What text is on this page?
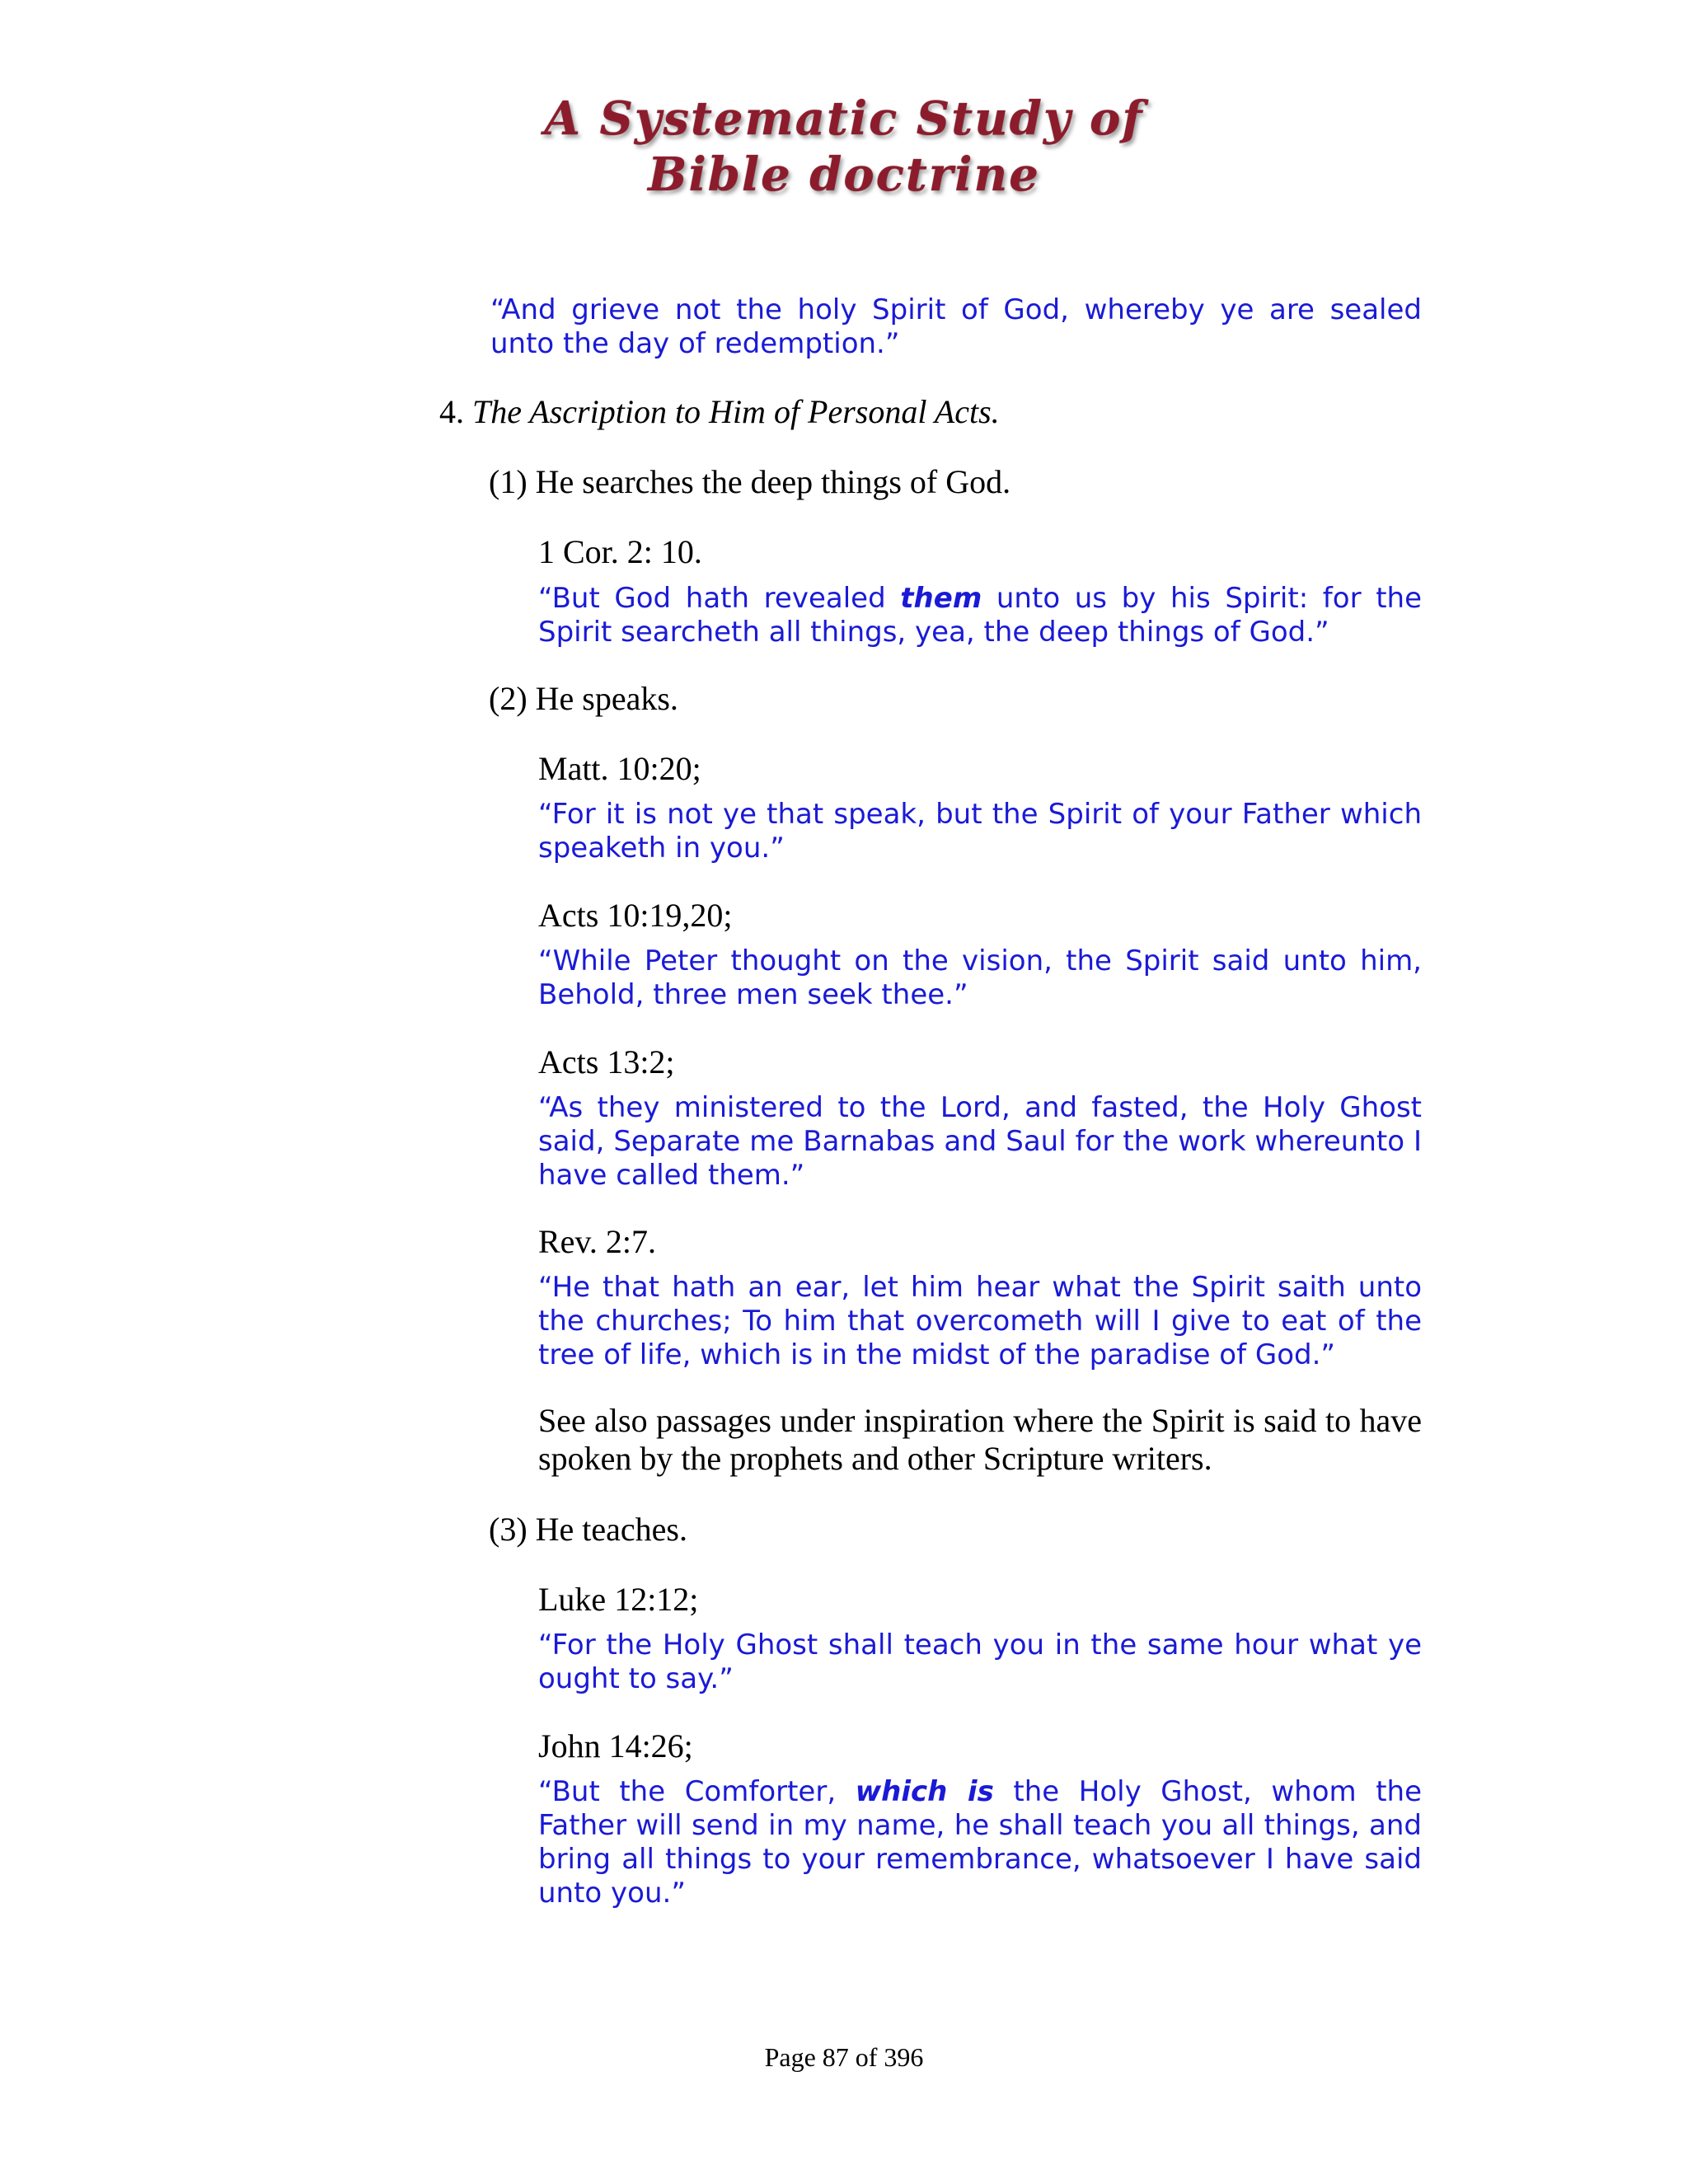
A Systematic Study of
Bible doctrine

“And grieve not the holy Spirit of God, whereby ye are sealed unto the day of redemption.”

4. The Ascription to Him of Personal Acts.

(1) He searches the deep things of God.

1 Cor. 2: 10.

“But God hath revealed them unto us by his Spirit: for the Spirit searcheth all things, yea, the deep things of God.”

(2) He speaks.

Matt. 10:20;

“For it is not ye that speak, but the Spirit of your Father which speaketh in you.”

Acts 10:19,20;

“While Peter thought on the vision, the Spirit said unto him, Behold, three men seek thee.”

Acts 13:2;

“As they ministered to the Lord, and fasted, the Holy Ghost said, Separate me Barnabas and Saul for the work whereunto I have called them.”

Rev. 2:7.

“He that hath an ear, let him hear what the Spirit saith unto the churches; To him that overcometh will I give to eat of the tree of life, which is in the midst of the paradise of God.”

See also passages under inspiration where the Spirit is said to have spoken by the prophets and other Scripture writers.

(3) He teaches.

Luke 12:12;

“For the Holy Ghost shall teach you in the same hour what ye ought to say.”

John 14:26;

“But the Comforter, which is the Holy Ghost, whom the Father will send in my name, he shall teach you all things, and bring all things to your remembrance, whatsoever I have said unto you.”

Page 87 of 396
